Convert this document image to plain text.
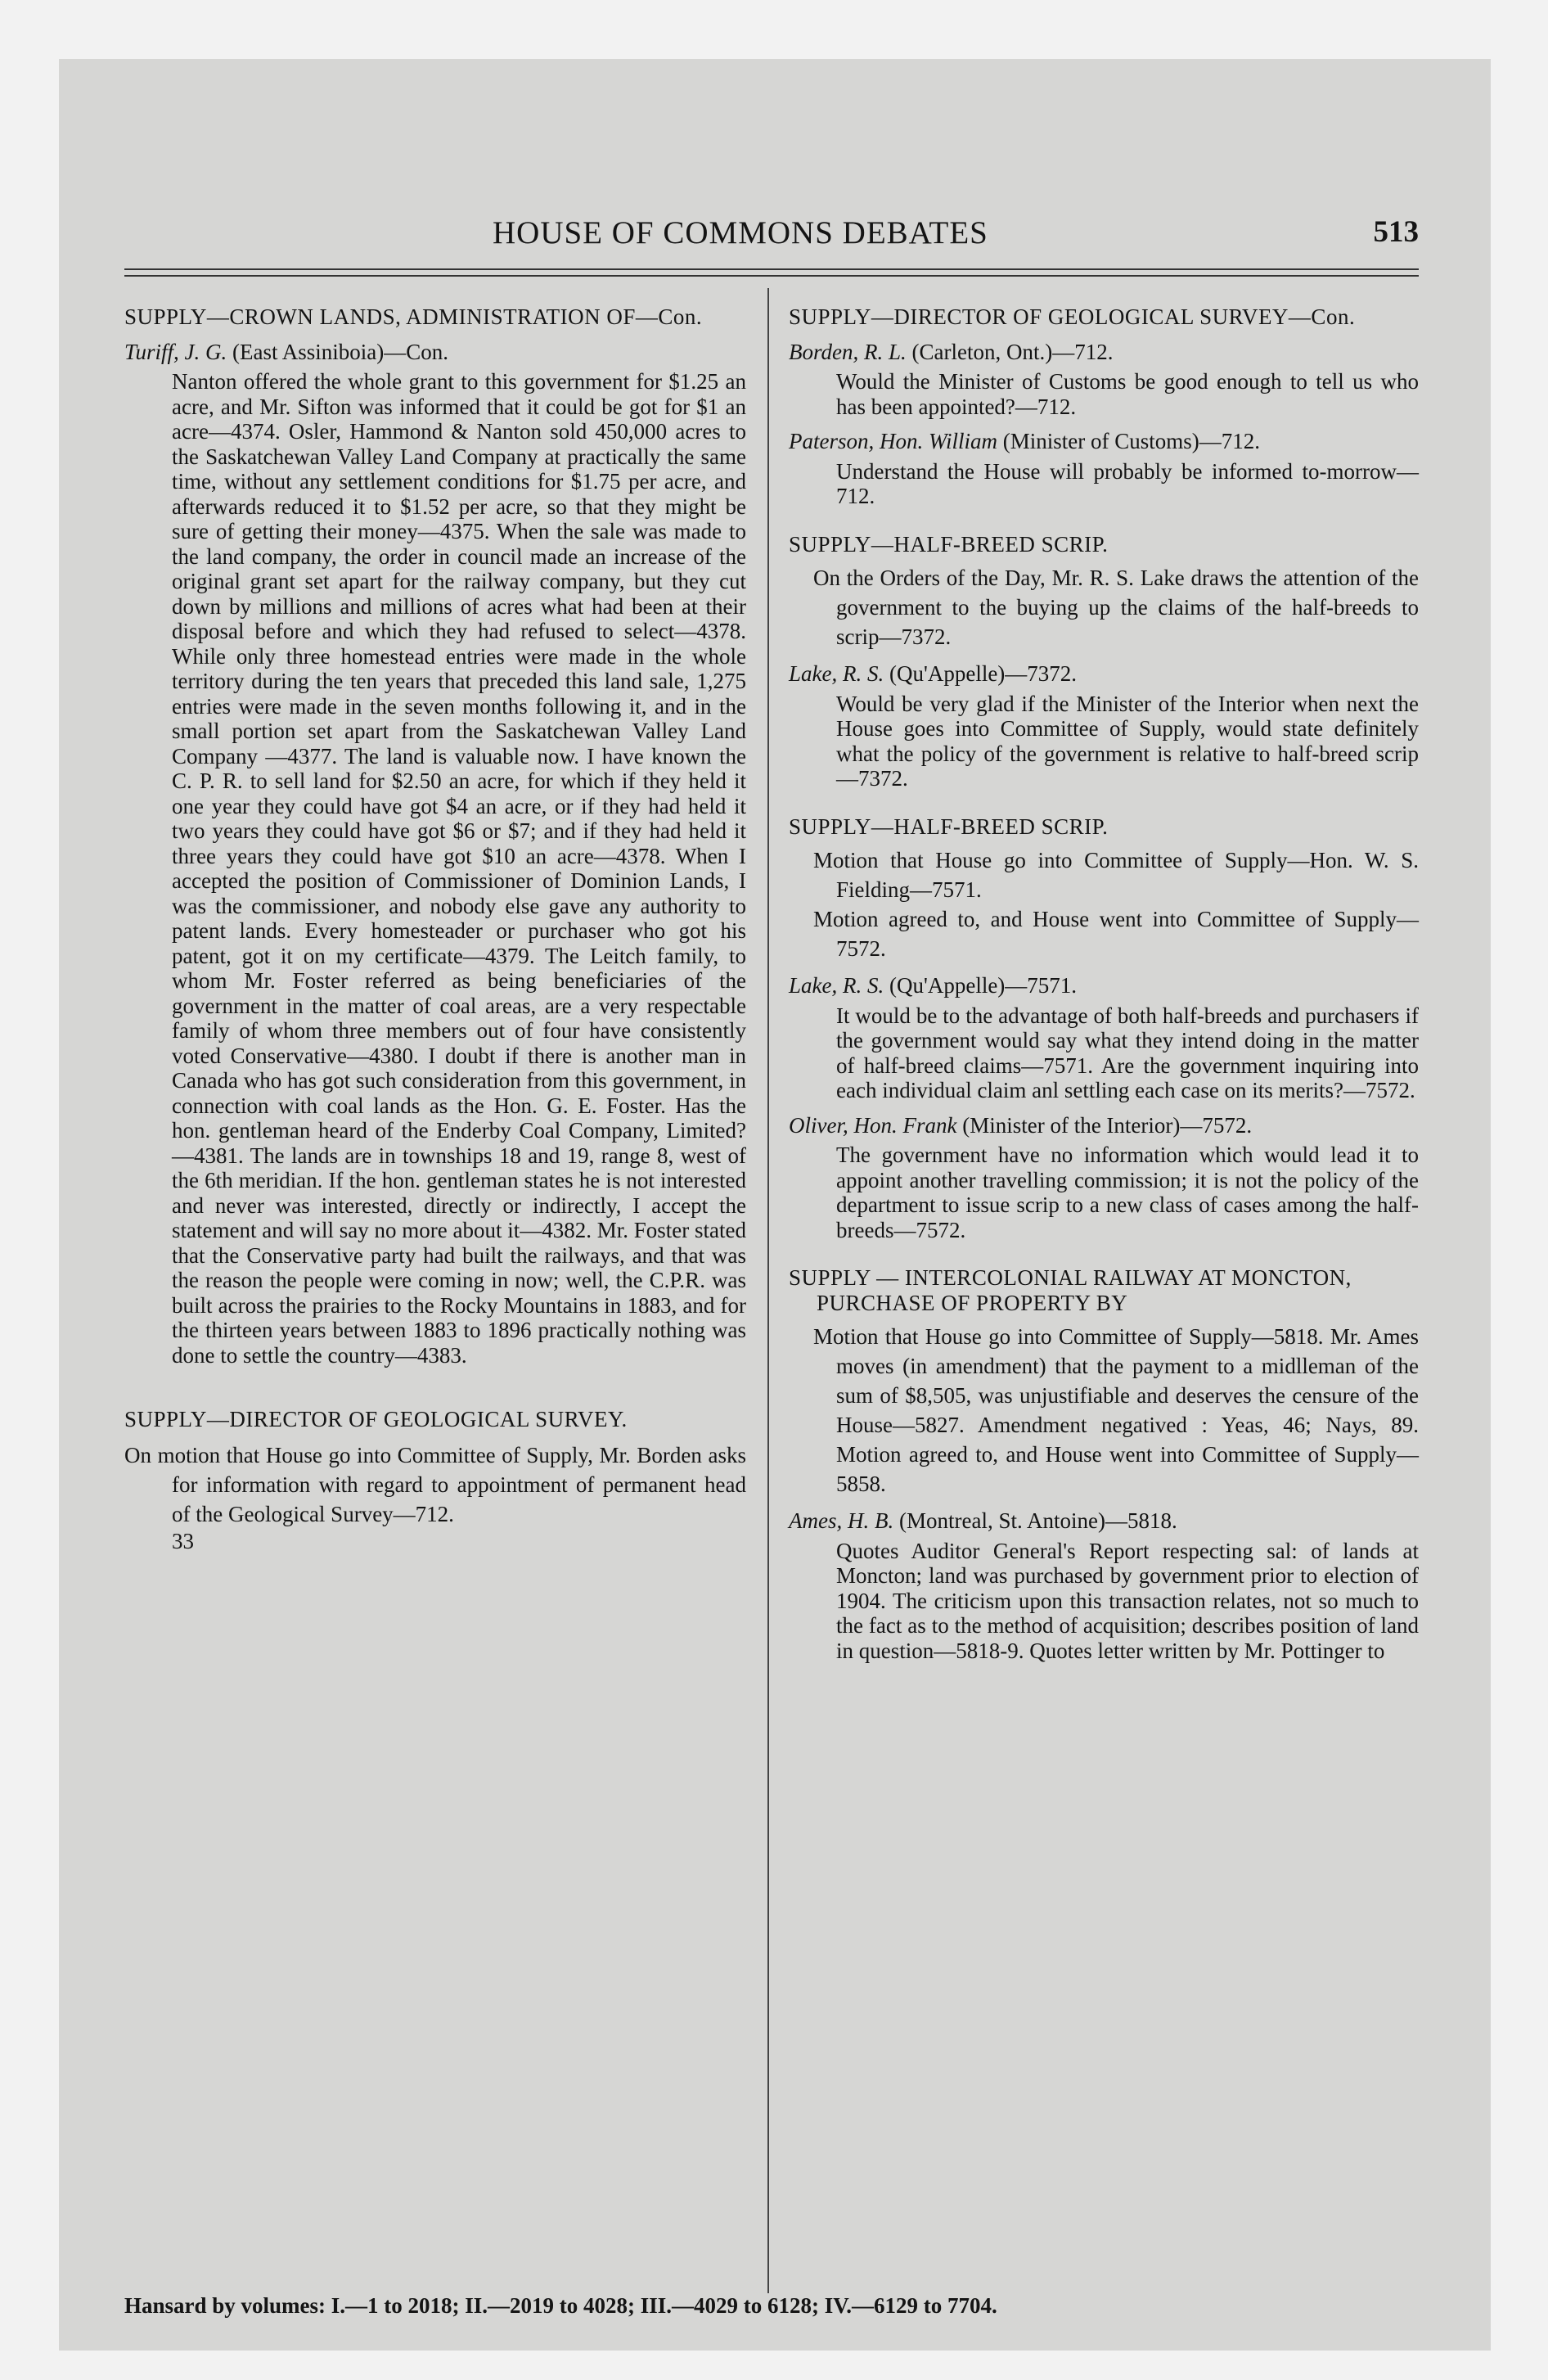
HOUSE OF COMMONS DEBATES	513

SUPPLY—CROWN LANDS, ADMINISTRATION OF—Con.

Turiff, J. G. (East Assiniboia)—Con.

Nanton offered the whole grant to this government for $1.25 an acre, and Mr. Sifton was informed that it could be got for $1 an acre—4374. Osler, Hammond & Nanton sold 450,000 acres to the Saskatchewan Valley Land Company at practically the same time, without any settlement conditions for $1.75 per acre, and afterwards reduced it to $1.52 per acre, so that they might be sure of getting their money—4375. When the sale was made to the land company, the order in council made an increase of the original grant set apart for the railway company, but they cut down by millions and millions of acres what had been at their disposal before and which they had refused to select—4378. While only three homestead entries were made in the whole territory during the ten years that preceded this land sale, 1,275 entries were made in the seven months following it, and in the small portion set apart from the Saskatchewan Valley Land Company —4377. The land is valuable now. I have known the C. P. R. to sell land for $2.50 an acre, for which if they held it one year they could have got $4 an acre, or if they had held it two years they could have got $6 or $7; and if they had held it three years they could have got $10 an acre—4378. When I accepted the position of Commissioner of Dominion Lands, I was the commissioner, and nobody else gave any authority to patent lands. Every homesteader or purchaser who got his patent, got it on my certificate—4379. The Leitch family, to whom Mr. Foster referred as being beneficiaries of the government in the matter of coal areas, are a very respectable family of whom three members out of four have consistently voted Conservative—4380. I doubt if there is another man in Canada who has got such consideration from this government, in connection with coal lands as the Hon. G. E. Foster. Has the hon. gentleman heard of the Enderby Coal Company, Limited?—4381. The lands are in townships 18 and 19, range 8, west of the 6th meridian. If the hon. gentleman states he is not interested and never was interested, directly or indirectly, I accept the statement and will say no more about it—4382. Mr. Foster stated that the Conservative party had built the railways, and that was the reason the people were coming in now; well, the C.P.R. was built across the prairies to the Rocky Mountains in 1883, and for the thirteen years between 1883 to 1896 practically nothing was done to settle the country—4383.

SUPPLY—DIRECTOR OF GEOLOGICAL SURVEY.

On motion that House go into Committee of Supply, Mr. Borden asks for information with regard to appointment of permanent head of the Geological Survey—712.

33

SUPPLY—DIRECTOR OF GEOLOGICAL SURVEY—Con.

Borden, R. L. (Carleton, Ont.)—712.

Would the Minister of Customs be good enough to tell us who has been appointed?—712.

Paterson, Hon. William (Minister of Customs)—712.

Understand the House will probably be informed to-morrow—712.

SUPPLY—HALF-BREED SCRIP.

On the Orders of the Day, Mr. R. S. Lake draws the attention of the government to the buying up the claims of the half-breeds to scrip—7372.

Lake, R. S. (Qu'Appelle)—7372.

Would be very glad if the Minister of the Interior when next the House goes into Committee of Supply, would state definitely what the policy of the government is relative to half-breed scrip—7372.

SUPPLY—HALF-BREED SCRIP.

Motion that House go into Committee of Supply—Hon. W. S. Fielding—7571.

Motion agreed to, and House went into Committee of Supply—7572.

Lake, R. S. (Qu'Appelle)—7571.

It would be to the advantage of both half-breeds and purchasers if the government would say what they intend doing in the matter of half-breed claims—7571. Are the government inquiring into each individual claim anl settling each case on its merits?—7572.

Oliver, Hon. Frank (Minister of the Interior)—7572.

The government have no information which would lead it to appoint another travelling commission; it is not the policy of the department to issue scrip to a new class of cases among the half-breeds—7572.

SUPPLY — INTERCOLONIAL RAILWAY AT MONCTON, PURCHASE OF PROPERTY BY

Motion that House go into Committee of Supply—5818. Mr. Ames moves (in amendment) that the payment to a midlleman of the sum of $8,505, was unjustifiable and deserves the censure of the House—5827. Amendment negatived : Yeas, 46; Nays, 89. Motion agreed to, and House went into Committee of Supply—5858.

Ames, H. B. (Montreal, St. Antoine)—5818.

Quotes Auditor General's Report respecting sal: of lands at Moncton; land was purchased by government prior to election of 1904. The criticism upon this transaction relates, not so much to the fact as to the method of acquisition; describes position of land in question—5818-9. Quotes letter written by Mr. Pottinger to

Hansard by volumes: I.—1 to 2018; II.—2019 to 4028; III.—4029 to 6128; IV.—6129 to 7704.
